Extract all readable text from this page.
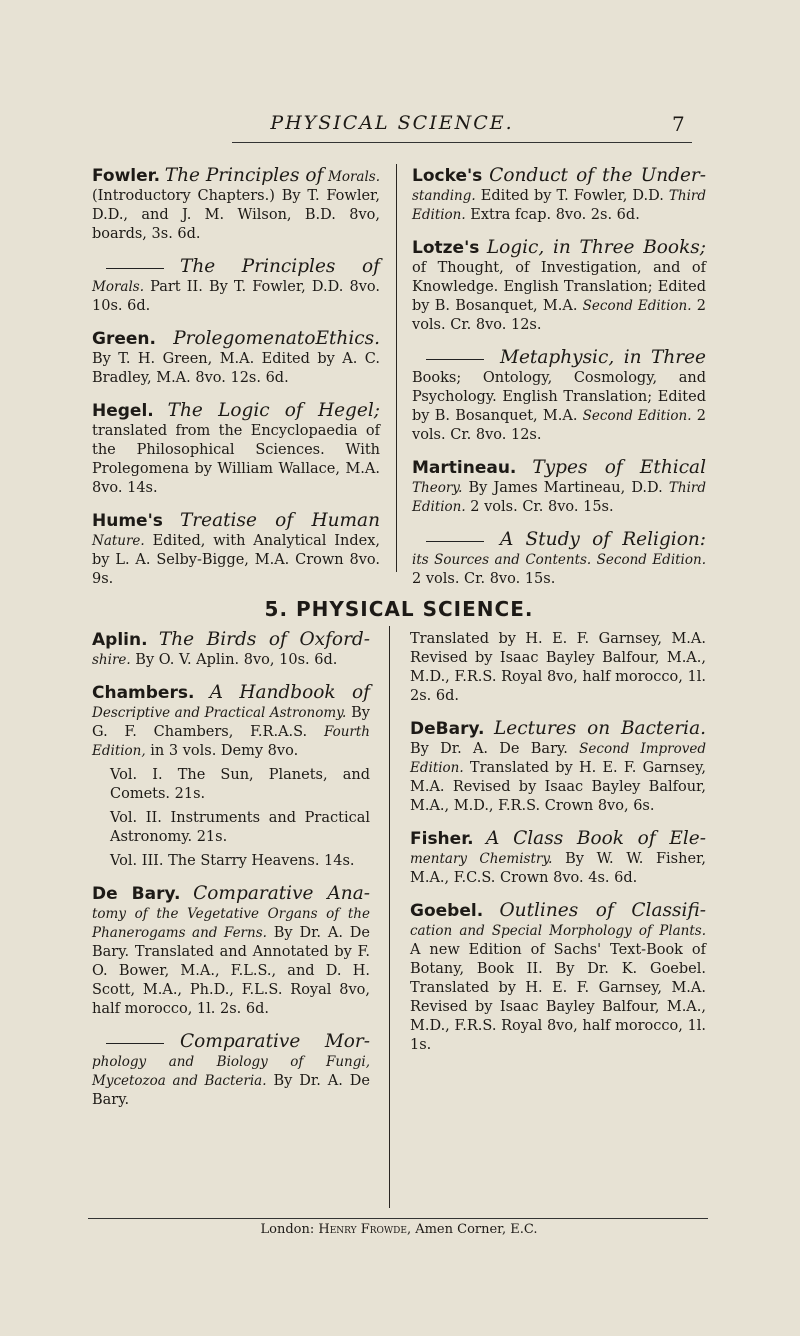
PHYSICAL SCIENCE.	7
Fowler. The Principles of Morals. (Introductory Chapters.) By T. Fowler, D.D., and J. M. Wilson, B.D. 8vo, boards, 3s. 6d.
The Principles of Morals. Part II. By T. Fowler, D.D. 8vo. 10s. 6d.
Green. ProlegomenatoEthics. By T. H. Green, M.A. Edited by A. C. Bradley, M.A. 8vo. 12s. 6d.
Hegel. The Logic of Hegel; translated from the Encyclopaedia of the Philosophical Sciences. With Prolegomena by William Wallace, M.A. 8vo. 14s.
Hume's Treatise of Human Nature. Edited, with Analytical Index, by L. A. Selby-Bigge, M.A. Crown 8vo. 9s.
Locke's Conduct of the Under- standing. Edited by T. Fowler, D.D. Third Edition. Extra fcap. 8vo. 2s. 6d.
Lotze's Logic, in Three Books; of Thought, of Investigation, and of Knowledge. English Translation; Edited by B. Bosanquet, M.A. Second Edition. 2 vols. Cr. 8vo. 12s.
Metaphysic, in Three Books; Ontology, Cosmology, and Psychology. English Translation; Edited by B. Bosanquet, M.A. Second Edition. 2 vols. Cr. 8vo. 12s.
Martineau. Types of Ethical Theory. By James Martineau, D.D. Third Edition. 2 vols. Cr. 8vo. 15s.
A Study of Religion: its Sources and Contents. Second Edition. 2 vols. Cr. 8vo. 15s.
5. PHYSICAL SCIENCE.
Aplin. The Birds of Oxford- shire. By O. V. Aplin. 8vo, 10s. 6d.
Chambers. A Handbook of Descriptive and Practical Astronomy. By G. F. Chambers, F.R.A.S. Fourth Edition, in 3 vols. Demy 8vo.
Vol. I. The Sun, Planets, and Comets. 21s.
Vol. II. Instruments and Practical Astronomy. 21s.
Vol. III. The Starry Heavens. 14s.
De Bary. Comparative Ana- tomy of the Vegetative Organs of the Phanerogams and Ferns. By Dr. A. De Bary. Translated and Annotated by F. O. Bower, M.A., F.L.S., and D. H. Scott, M.A., Ph.D., F.L.S. Royal 8vo, half morocco, 1l. 2s. 6d.
Comparative Mor- phology and Biology of Fungi, Mycetozoa and Bacteria. By Dr. A. De Bary.
Translated by H. E. F. Garnsey, M.A. Revised by Isaac Bayley Balfour, M.A., M.D., F.R.S. Royal 8vo, half morocco, 1l. 2s. 6d.
DeBary. Lectures on Bacteria. By Dr. A. De Bary. Second Improved Edition. Translated by H. E. F. Garnsey, M.A. Revised by Isaac Bayley Balfour, M.A., M.D., F.R.S. Crown 8vo, 6s.
Fisher. A Class Book of Ele- mentary Chemistry. By W. W. Fisher, M.A., F.C.S. Crown 8vo. 4s. 6d.
Goebel. Outlines of Classifi- cation and Special Morphology of Plants. A new Edition of Sachs' Text-Book of Botany, Book II. By Dr. K. Goebel. Translated by H. E. F. Garnsey, M.A. Revised by Isaac Bayley Balfour, M.A., M.D., F.R.S. Royal 8vo, half morocco, 1l. 1s.
London: Henry Frowde, Amen Corner, E.C.
